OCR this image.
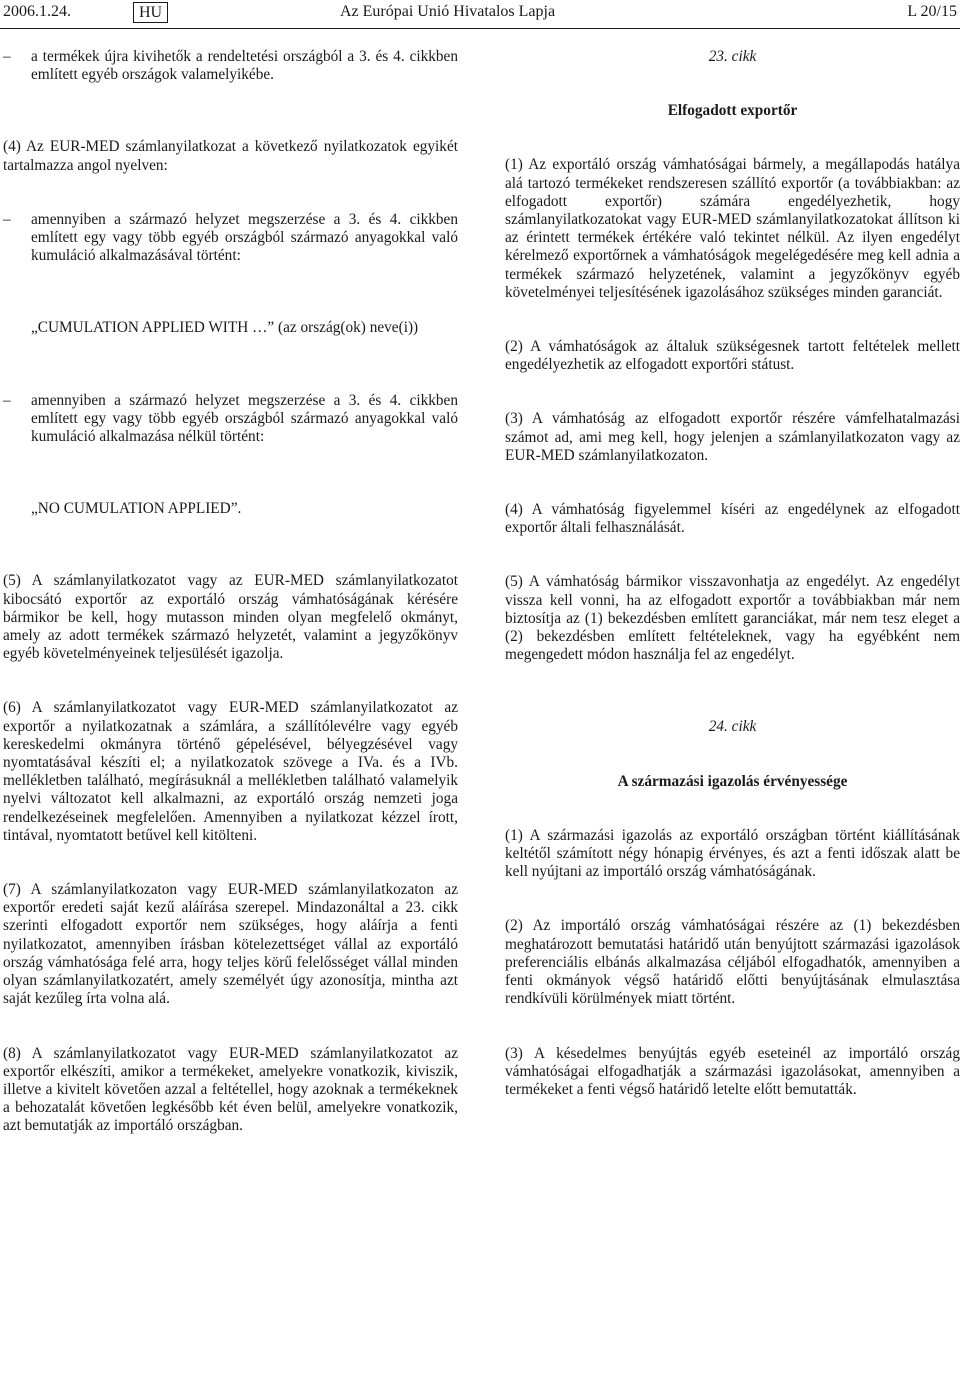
2006.1.24.	HU	Az Európai Unió Hivatalos Lapja	L 20/15
–	a termékek újra kivihetők a rendeltetési országból a 3. és 4. cikkben említett egyéb országok valamelyikébe.

(4) Az EUR-MED számlanyilatkozat a következő nyilatkozatok egyikét tartalmazza angol nyelven:

–	amennyiben a származó helyzet megszerzése a 3. és 4. cikkben említett egy vagy több egyéb országból származó anyagokkal való kumuláció alkalmazásával történt:

„CUMULATION APPLIED WITH …” (az ország(ok) neve(i))

–	amennyiben a származó helyzet megszerzése a 3. és 4. cikkben említett egy vagy több egyéb országból származó anyagokkal való kumuláció alkalmazása nélkül történt:

„NO CUMULATION APPLIED”.

(5) A számlanyilatkozatot vagy az EUR-MED számlanyilatkozatot kibocsátó exportőr az exportáló ország vámhatóságának kérésére bármikor be kell, hogy mutasson minden olyan megfelelő okmányt, amely az adott termékek származó helyzetét, valamint a jegyzőkönyv egyéb követelményeinek teljesülését igazolja.

(6) A számlanyilatkozatot vagy EUR-MED számlanyilatkozatot az exportőr a nyilatkozatnak a számlára, a szállítólevélre vagy egyéb kereskedelmi okmányra történő gépelésével, bélyegzésével vagy nyomtatásával készíti el; a nyilatkozatok szövege a IVa. és a IVb. mellékletben található, megírásuknál a mellékletben található valamelyik nyelvi változatot kell alkalmazni, az exportáló ország nemzeti joga rendelkezéseinek megfelelően. Amennyiben a nyilatkozat kézzel írott, tintával, nyomtatott betűvel kell kitölteni.

(7) A számlanyilatkozaton vagy EUR-MED számlanyilatkozaton az exportőr eredeti saját kezű aláírása szerepel. Mindazonáltal a 23. cikk szerinti elfogadott exportőr nem szükséges, hogy aláírja a fenti nyilatkozatot, amennyiben írásban kötelezettséget vállal az exportáló ország vámhatósága felé arra, hogy teljes körű felelősséget vállal minden olyan számlanyilatkozatért, amely személyét úgy azonosítja, mintha azt saját kezűleg írta volna alá.

(8) A számlanyilatkozatot vagy EUR-MED számlanyilatkozatot az exportőr elkészíti, amikor a termékeket, amelyekre vonatkozik, kiviszik, illetve a kivitelt követően azzal a feltétellel, hogy azoknak a termékeknek a behozatalát követően legkésőbb két éven belül, amelyekre vonatkozik, azt bemutatják az importáló országban.

23. cikk

Elfogadott exportőr

(1) Az exportáló ország vámhatóságai bármely, a megállapodás hatálya alá tartozó termékeket rendszeresen szállító exportőr (a továbbiakban: az elfogadott exportőr) számára engedélyezhetik, hogy számlanyilatkozatokat vagy EUR-MED számlanyilatkozatokat állítson ki az érintett termékek értékére való tekintet nélkül. Az ilyen engedélyt kérelmező exportőrnek a vámhatóságok megelégedésére meg kell adnia a termékek származó helyzetének, valamint a jegyzőkönyv egyéb követelményei teljesítésének igazolásához szükséges minden garanciát.

(2) A vámhatóságok az általuk szükségesnek tartott feltételek mellett engedélyezhetik az elfogadott exportőri státust.

(3) A vámhatóság az elfogadott exportőr részére vámfelhatalmazási számot ad, ami meg kell, hogy jelenjen a számlanyilatkozaton vagy az EUR-MED számlanyilatkozaton.

(4) A vámhatóság figyelemmel kíséri az engedélynek az elfogadott exportőr általi felhasználását.

(5) A vámhatóság bármikor visszavonhatja az engedélyt. Az engedélyt vissza kell vonni, ha az elfogadott exportőr a továbbiakban már nem biztosítja az (1) bekezdésben említett garanciákat, már nem tesz eleget a (2) bekezdésben említett feltételeknek, vagy ha egyébként nem megengedett módon használja fel az engedélyt.

24. cikk

A származási igazolás érvényessége

(1) A származási igazolás az exportáló országban történt kiállításának keltétől számított négy hónapig érvényes, és azt a fenti időszak alatt be kell nyújtani az importáló ország vámhatóságának.

(2) Az importáló ország vámhatóságai részére az (1) bekezdésben meghatározott bemutatási határidő után benyújtott származási igazolások preferenciális elbánás alkalmazása céljából elfogadhatók, amennyiben a fenti okmányok végső határidő előtti benyújtásának elmulasztása rendkívüli körülmények miatt történt.

(3) A késedelmes benyújtás egyéb eseteinél az importáló ország vámhatóságai elfogadhatják a származási igazolásokat, amennyiben a termékeket a fenti végső határidő letelte előtt bemutatták.
